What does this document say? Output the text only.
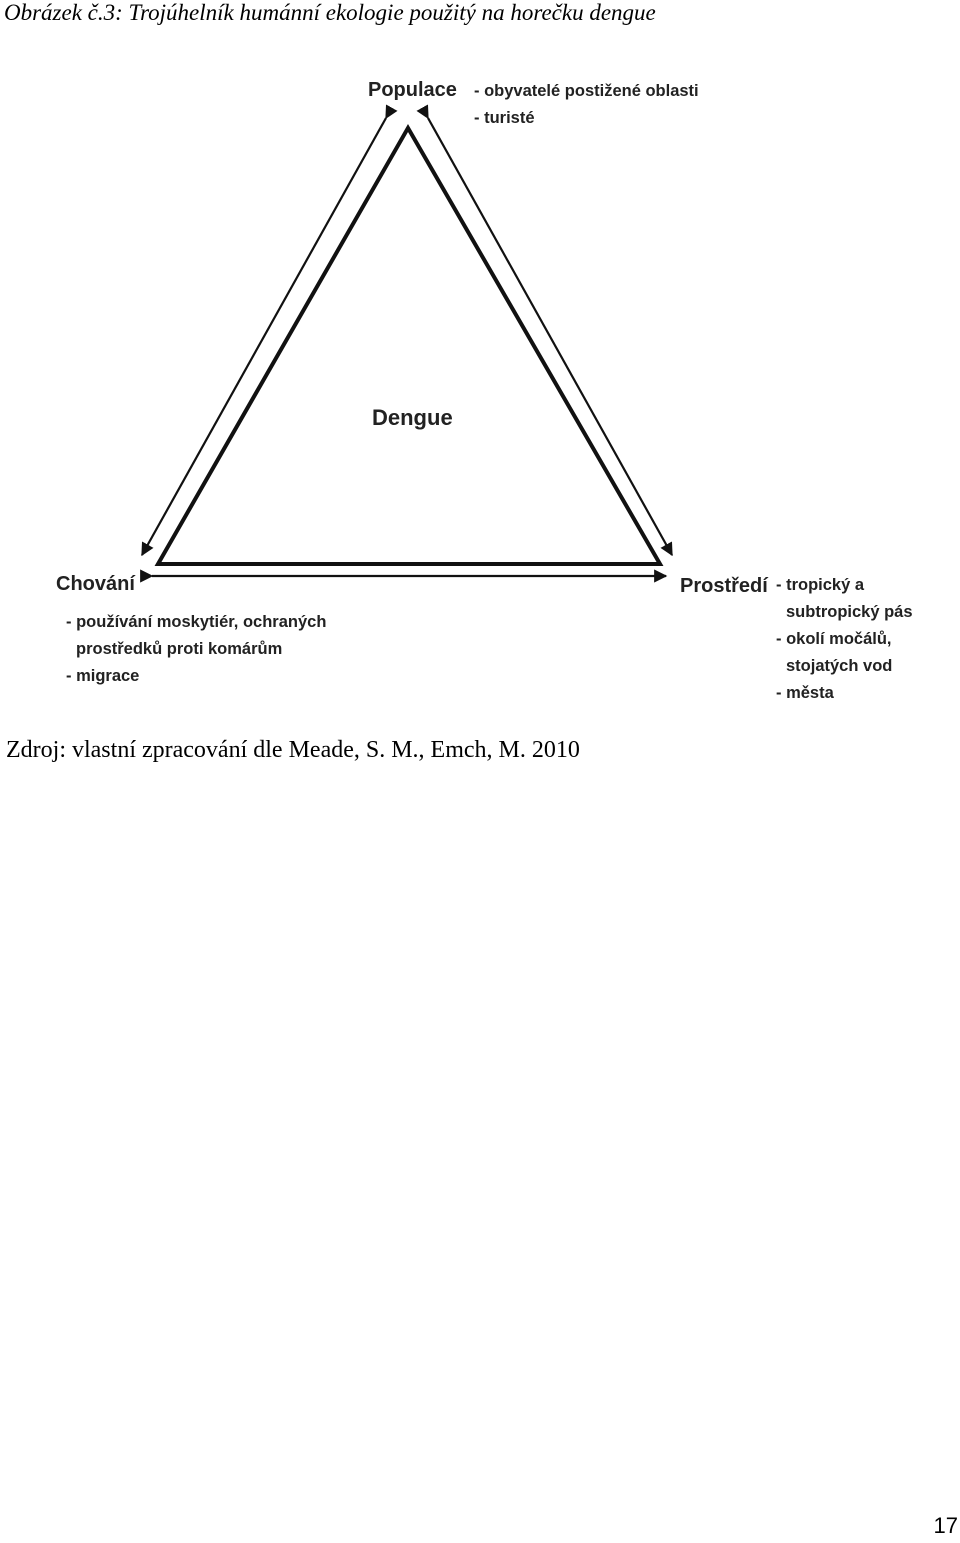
Obrázek č.3: Trojúhelník humánní ekologie použitý na horečku dengue
Dengue
Populace - obyvatelé postižené oblasti
- turisté
Chování
- používání moskytiér, ochraných
prostředků proti komárům
- migrace
Prostředí - tropický a
subtropický pás
- okolí močálů,
stojatých vod
- města
Zdroj: vlastní zpracování dle Meade, S. M., Emch, M. 2010
17
